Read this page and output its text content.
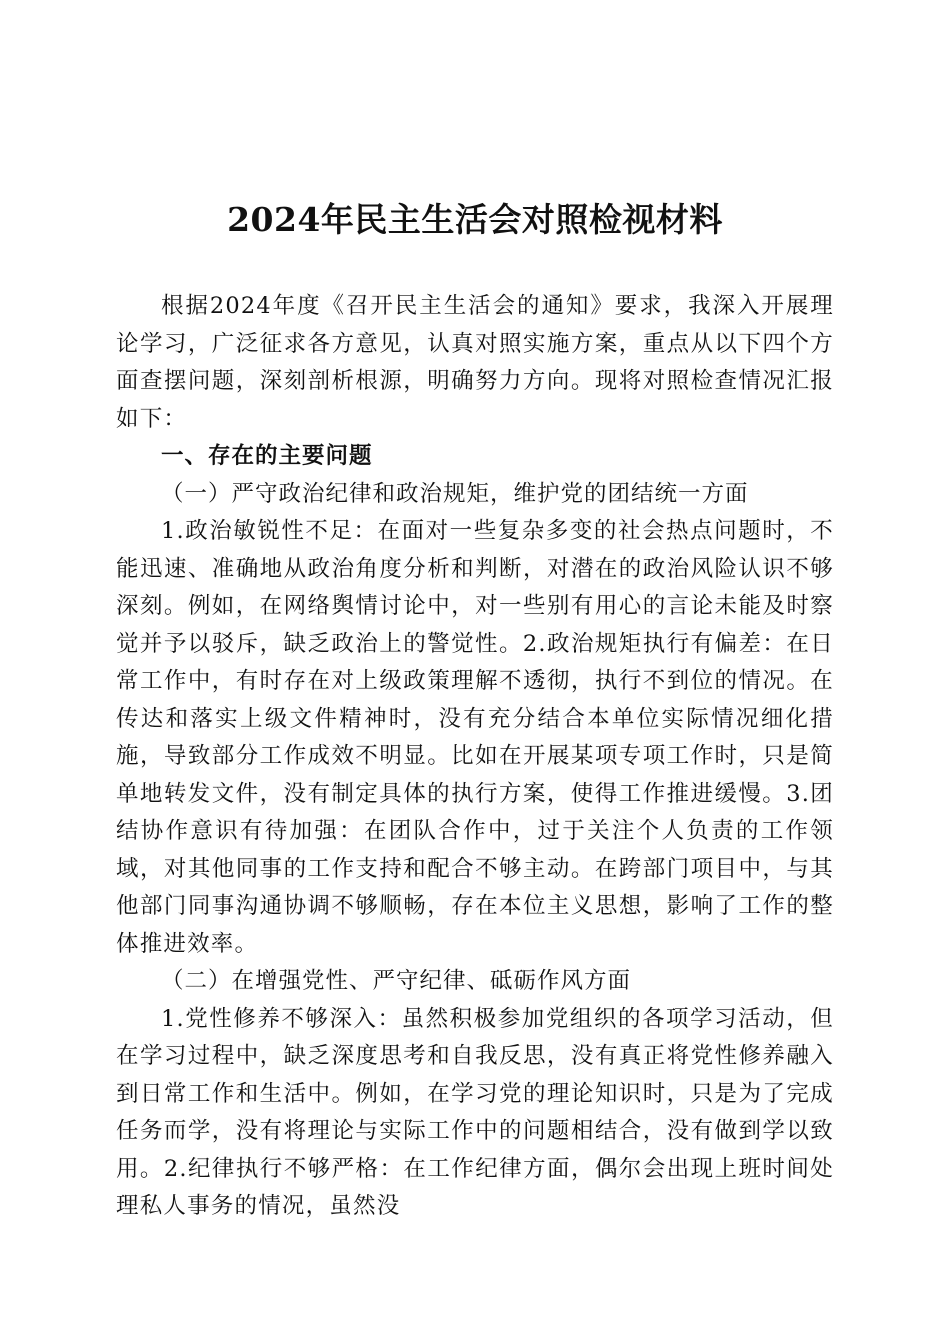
2024年民主生活会对照检视材料

根据2024年度《召开民主生活会的通知》要求，我深入开展理论学习，广泛征求各方意见，认真对照实施方案，重点从以下四个方面查摆问题，深刻剖析根源，明确努力方向。现将对照检查情况汇报如下：

一、存在的主要问题

（一）严守政治纪律和政治规矩，维护党的团结统一方面

1.政治敏锐性不足：在面对一些复杂多变的社会热点问题时，不能迅速、准确地从政治角度分析和判断，对潜在的政治风险认识不够深刻。例如，在网络舆情讨论中，对一些别有用心的言论未能及时察觉并予以驳斥，缺乏政治上的警觉性。2.政治规矩执行有偏差：在日常工作中，有时存在对上级政策理解不透彻，执行不到位的情况。在传达和落实上级文件精神时，没有充分结合本单位实际情况细化措施，导致部分工作成效不明显。比如在开展某项专项工作时，只是简单地转发文件，没有制定具体的执行方案，使得工作推进缓慢。3.团结协作意识有待加强：在团队合作中，过于关注个人负责的工作领域，对其他同事的工作支持和配合不够主动。在跨部门项目中，与其他部门同事沟通协调不够顺畅，存在本位主义思想，影响了工作的整体推进效率。

（二）在增强党性、严守纪律、砥砺作风方面

1.党性修养不够深入：虽然积极参加党组织的各项学习活动，但在学习过程中，缺乏深度思考和自我反思，没有真正将党性修养融入到日常工作和生活中。例如，在学习党的理论知识时，只是为了完成任务而学，没有将理论与实际工作中的问题相结合，没有做到学以致用。2.纪律执行不够严格：在工作纪律方面，偶尔会出现上班时间处理私人事务的情况，虽然没
